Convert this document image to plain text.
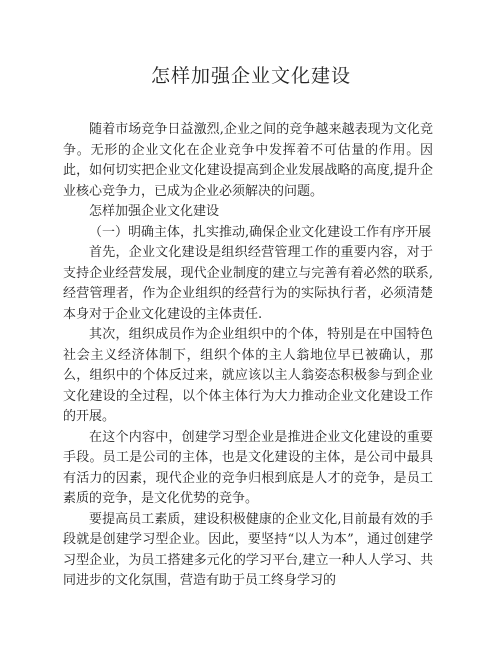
怎样加强企业文化建设

随着市场竞争日益激烈,企业之间的竞争越来越表现为文化竞争。无形的企业文化在企业竞争中发挥着不可估量的作用。因此，如何切实把企业文化建设提高到企业发展战略的高度,提升企业核心竞争力，已成为企业必须解决的问题。

怎样加强企业文化建设

（一）明确主体，扎实推动,确保企业文化建设工作有序开展

首先，企业文化建设是组织经营管理工作的重要内容，对于支持企业经营发展，现代企业制度的建立与完善有着必然的联系,经营管理者，作为企业组织的经营行为的实际执行者，必须清楚本身对于企业文化建设的主体责任.

其次，组织成员作为企业组织中的个体，特别是在中国特色社会主义经济体制下，组织个体的主人翁地位早已被确认，那么，组织中的个体反过来，就应该以主人翁姿态积极参与到企业文化建设的全过程，以个体主体行为大力推动企业文化建设工作的开展。

在这个内容中，创建学习型企业是推进企业文化建设的重要手段。员工是公司的主体，也是文化建设的主体，是公司中最具有活力的因素，现代企业的竞争归根到底是人才的竞争，是员工素质的竞争，是文化优势的竞争。

要提高员工素质，建设积极健康的企业文化,目前最有效的手段就是创建学习型企业。因此，要坚持“以人为本”，通过创建学习型企业，为员工搭建多元化的学习平台,建立一种人人学习、共同进步的文化氛围，营造有助于员工终身学习的
